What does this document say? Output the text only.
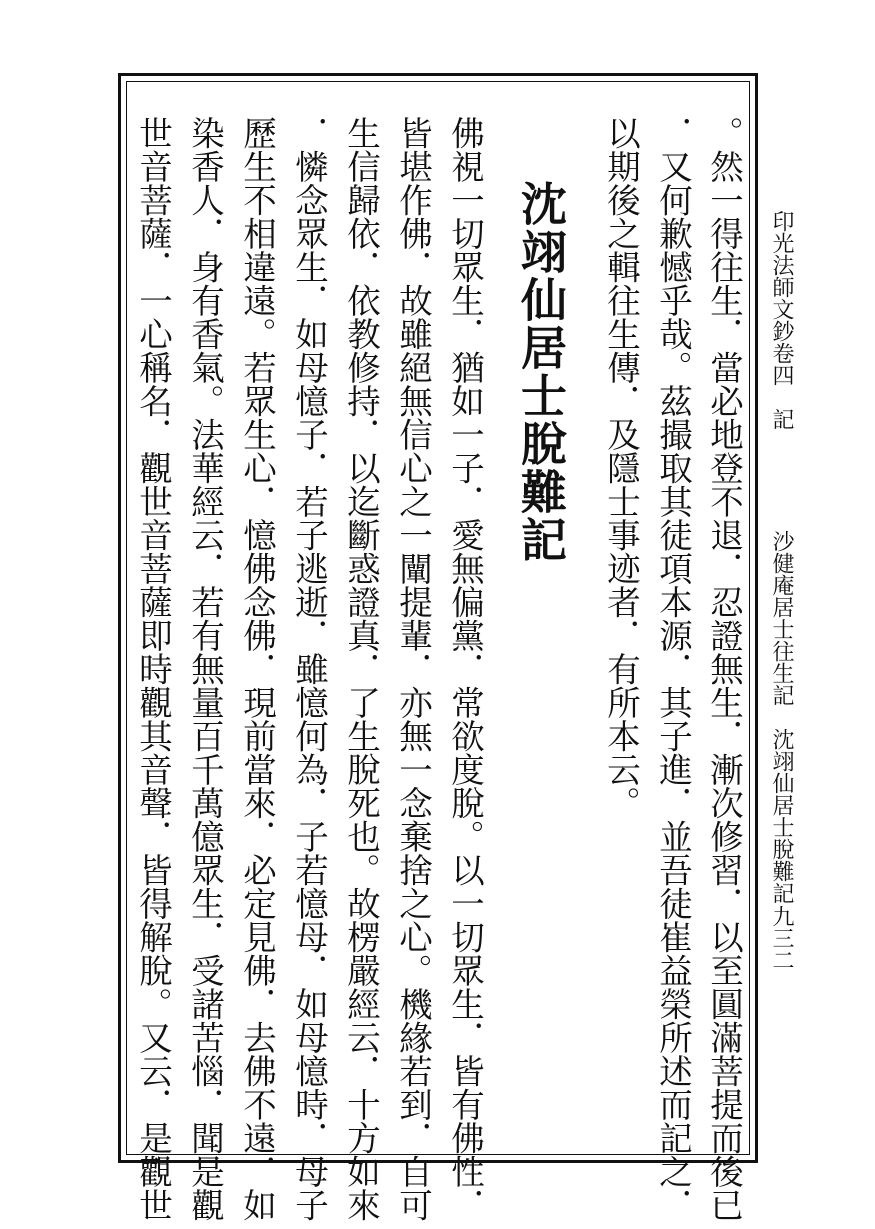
印光法師文鈔卷四　記
沙健庵居士往生記　沈翊仙居士脫難記
九三二
。然一得往生．當必地登不退．忍證無生．漸次修習．以至圓滿菩提而後已
．又何歉憾乎哉。茲撮取其徒項本源．其子進．並吾徒崔益榮所述而記之．
以期後之輯往生傳．及隱士事迹者．有所本云。
沈翊仙居士脫難記
佛視一切眾生．猶如一子．愛無偏黨．常欲度脫。以一切眾生．皆有佛性．
皆堪作佛．故雖絕無信心之一闡提輩．亦無一念棄捨之心。機緣若到．自可
生信歸依．依教修持．以迄斷惑證真．了生脫死也。故楞嚴經云．十方如來
．憐念眾生．如母憶子．若子逃逝．雖憶何為．子若憶母．如母憶時．母子
歷生不相違遠。若眾生心．憶佛念佛．現前當來．必定見佛．去佛不遠．如
染香人．身有香氣。法華經云．若有無量百千萬億眾生．受諸苦惱．聞是觀
世音菩薩．一心稱名．觀世音菩薩即時觀其音聲．皆得解脫。又云．是觀世
